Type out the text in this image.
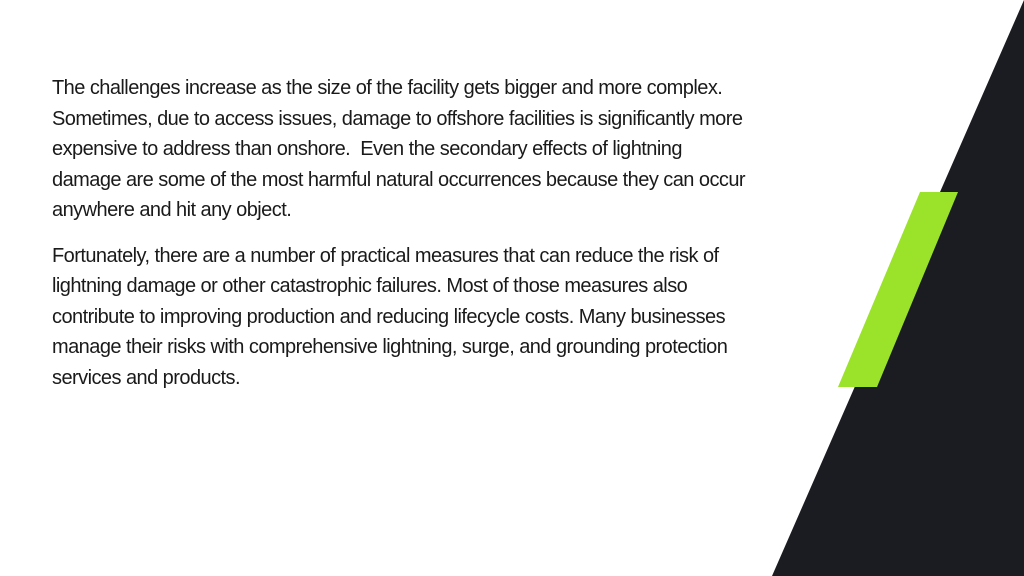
The challenges increase as the size of the facility gets bigger and more complex. Sometimes, due to access issues, damage to offshore facilities is significantly more expensive to address than onshore.  Even the secondary effects of lightning damage are some of the most harmful natural occurrences because they can occur anywhere and hit any object.

Fortunately, there are a number of practical measures that can reduce the risk of lightning damage or other catastrophic failures. Most of those measures also contribute to improving production and reducing lifecycle costs. Many businesses manage their risks with comprehensive lightning, surge, and grounding protection services and products.
